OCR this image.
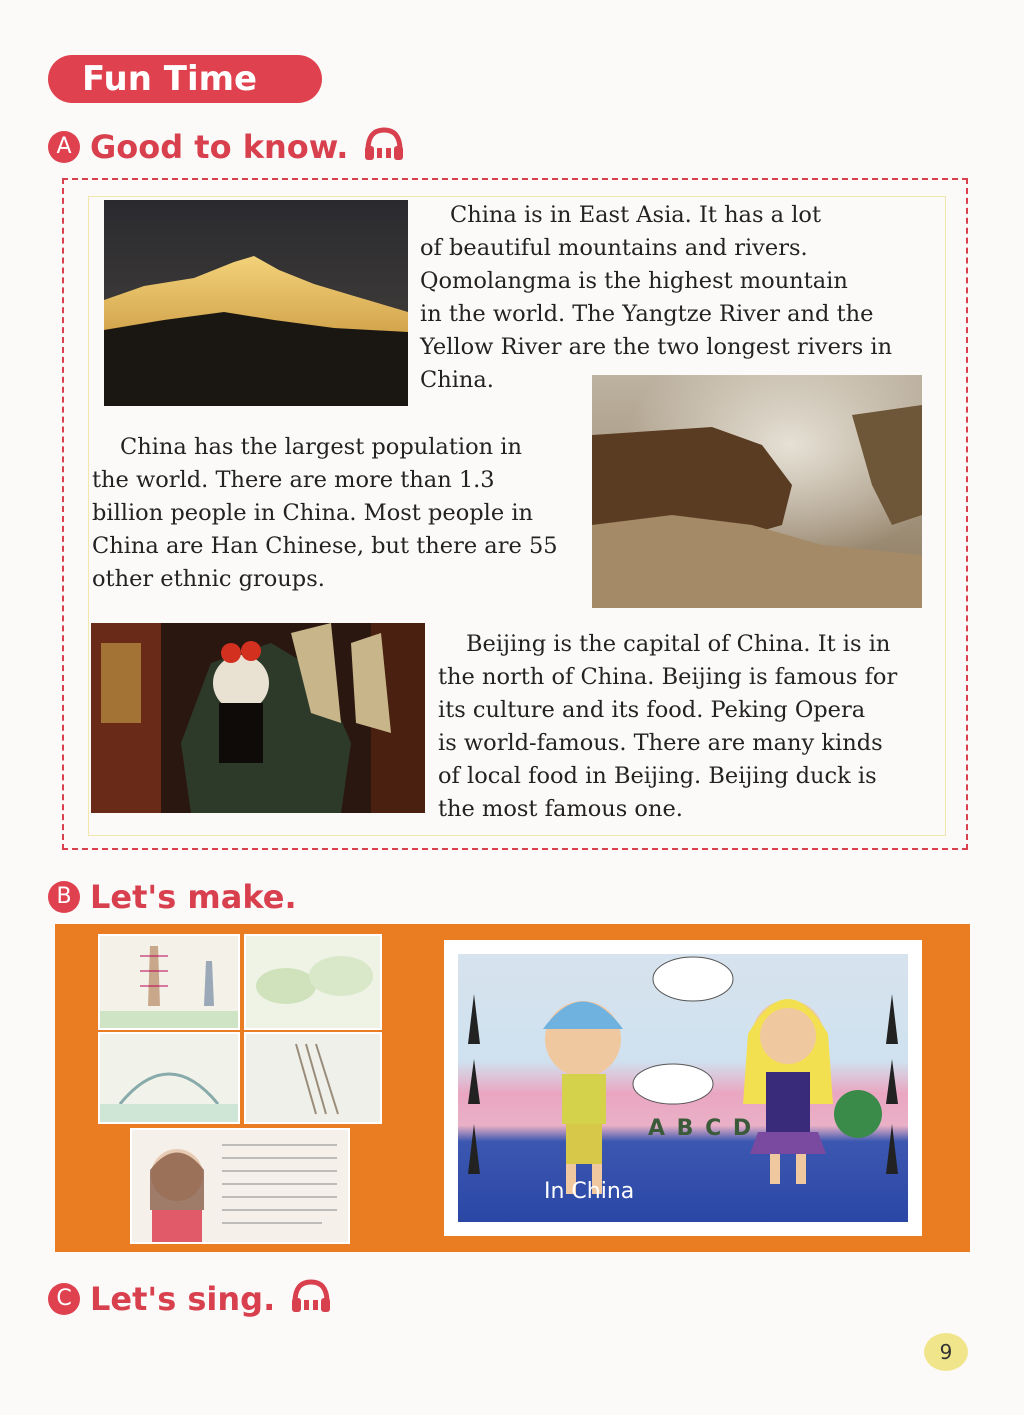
Fun Time
A Good to know.
China is in East Asia. It has a lot
of beautiful mountains and rivers.
Qomolangma is the highest mountain
in the world. The Yangtze River and the
Yellow River are the two longest rivers in
China.
China has the largest population in
the world. There are more than 1.3
billion people in China. Most people in
China are Han Chinese, but there are 55
other ethnic groups.
Beijing is the capital of China. It is in
the north of China. Beijing is famous for
its culture and its food. Peking Opera
is world-famous. There are many kinds
of local food in Beijing. Beijing duck is
the most famous one.
B Let's make.
A B C D
In China
C Let's sing.
9
